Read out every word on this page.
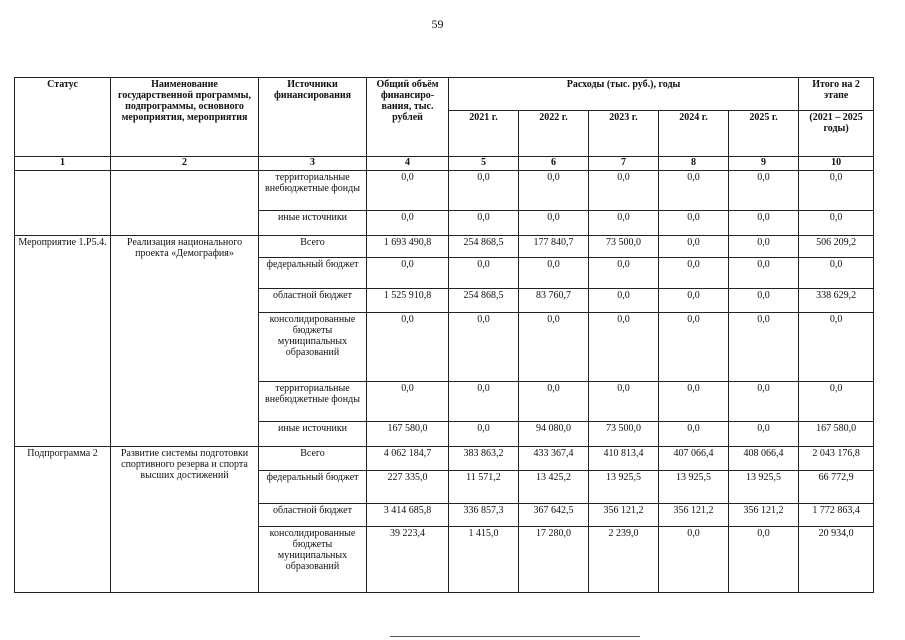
59
Статус	Наименование государственной программы, подпрограммы, основного мероприятия, мероприятия	Источники финансирования	Общий объём финансиро-вания, тыс. рублей	Расходы (тыс. руб.), годы					Итого на 2 этапе
				2021 г.	2022 г.	2023 г.	2024 г.	2025 г.	(2021 – 2025 годы)
1	2	3	4	5	6	7	8	9	10
		территориальные внебюджетные фонды	0,0	0,0	0,0	0,0	0,0	0,0	0,0
		иные источники	0,0	0,0	0,0	0,0	0,0	0,0	0,0
Мероприятие 1.Р5.4.	Реализация национального проекта «Демография»	Всего	1 693 490,8	254 868,5	177 840,7	73 500,0	0,0	0,0	506 209,2
		федеральный бюджет	0,0	0,0	0,0	0,0	0,0	0,0	0,0
		областной бюджет	1 525 910,8	254 868,5	83 760,7	0,0	0,0	0,0	338 629,2
		консолидированные бюджеты муниципальных образований	0,0	0,0	0,0	0,0	0,0	0,0	0,0
		территориальные внебюджетные фонды	0,0	0,0	0,0	0,0	0,0	0,0	0,0
		иные источники	167 580,0	0,0	94 080,0	73 500,0	0,0	0,0	167 580,0
Подпрограмма 2	Развитие системы подготовки спортивного резерва и спорта высших достижений	Всего	4 062 184,7	383 863,2	433 367,4	410 813,4	407 066,4	408 066,4	2 043 176,8
		федеральный бюджет	227 335,0	11 571,2	13 425,2	13 925,5	13 925,5	13 925,5	66 772,9
		областной бюджет	3 414 685,8	336 857,3	367 642,5	356 121,2	356 121,2	356 121,2	1 772 863,4
		консолидированные бюджеты муниципальных образований	39 223,4	1 415,0	17 280,0	2 239,0	0,0	0,0	20 934,0
